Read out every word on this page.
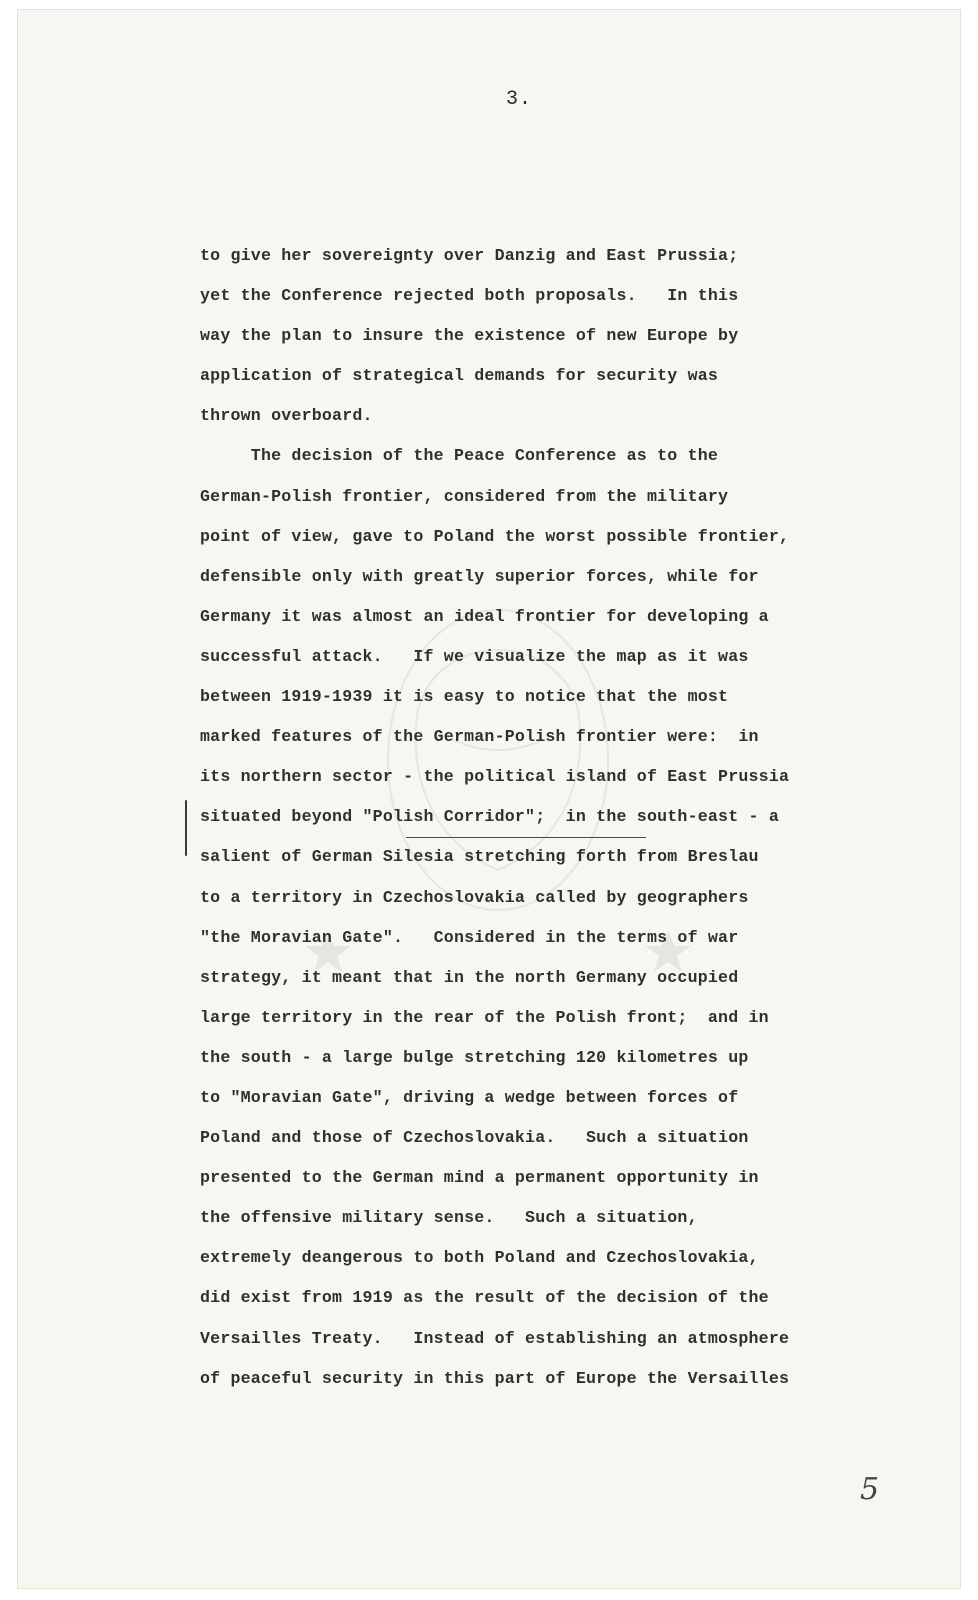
3.
5
to give her sovereignty over Danzig and East Prussia;
yet the Conference rejected both proposals.   In this
way the plan to insure the existence of new Europe by
application of strategical demands for security was
thrown overboard.
The decision of the Peace Conference as to the
German-Polish frontier, considered from the military
point of view, gave to Poland the worst possible frontier,
defensible only with greatly superior forces, while for
Germany it was almost an ideal frontier for developing a
successful attack.   If we visualize the map as it was
between 1919-1939 it is easy to notice that the most
marked features of the German-Polish frontier were:  in
its northern sector - the political island of East Prussia
situated beyond "Polish Corridor";  in the south-east - a
salient of German Silesia stretching forth from Breslau
to a territory in Czechoslovakia called by geographers
"the Moravian Gate".   Considered in the terms of war
strategy, it meant that in the north Germany occupied
large territory in the rear of the Polish front;  and in
the south - a large bulge stretching 120 kilometres up
to "Moravian Gate", driving a wedge between forces of
Poland and those of Czechoslovakia.   Such a situation
presented to the German mind a permanent opportunity in
the offensive military sense.   Such a situation,
extremely deangerous to both Poland and Czechoslovakia,
did exist from 1919 as the result of the decision of the
Versailles Treaty.   Instead of establishing an atmosphere
of peaceful security in this part of Europe the Versailles
